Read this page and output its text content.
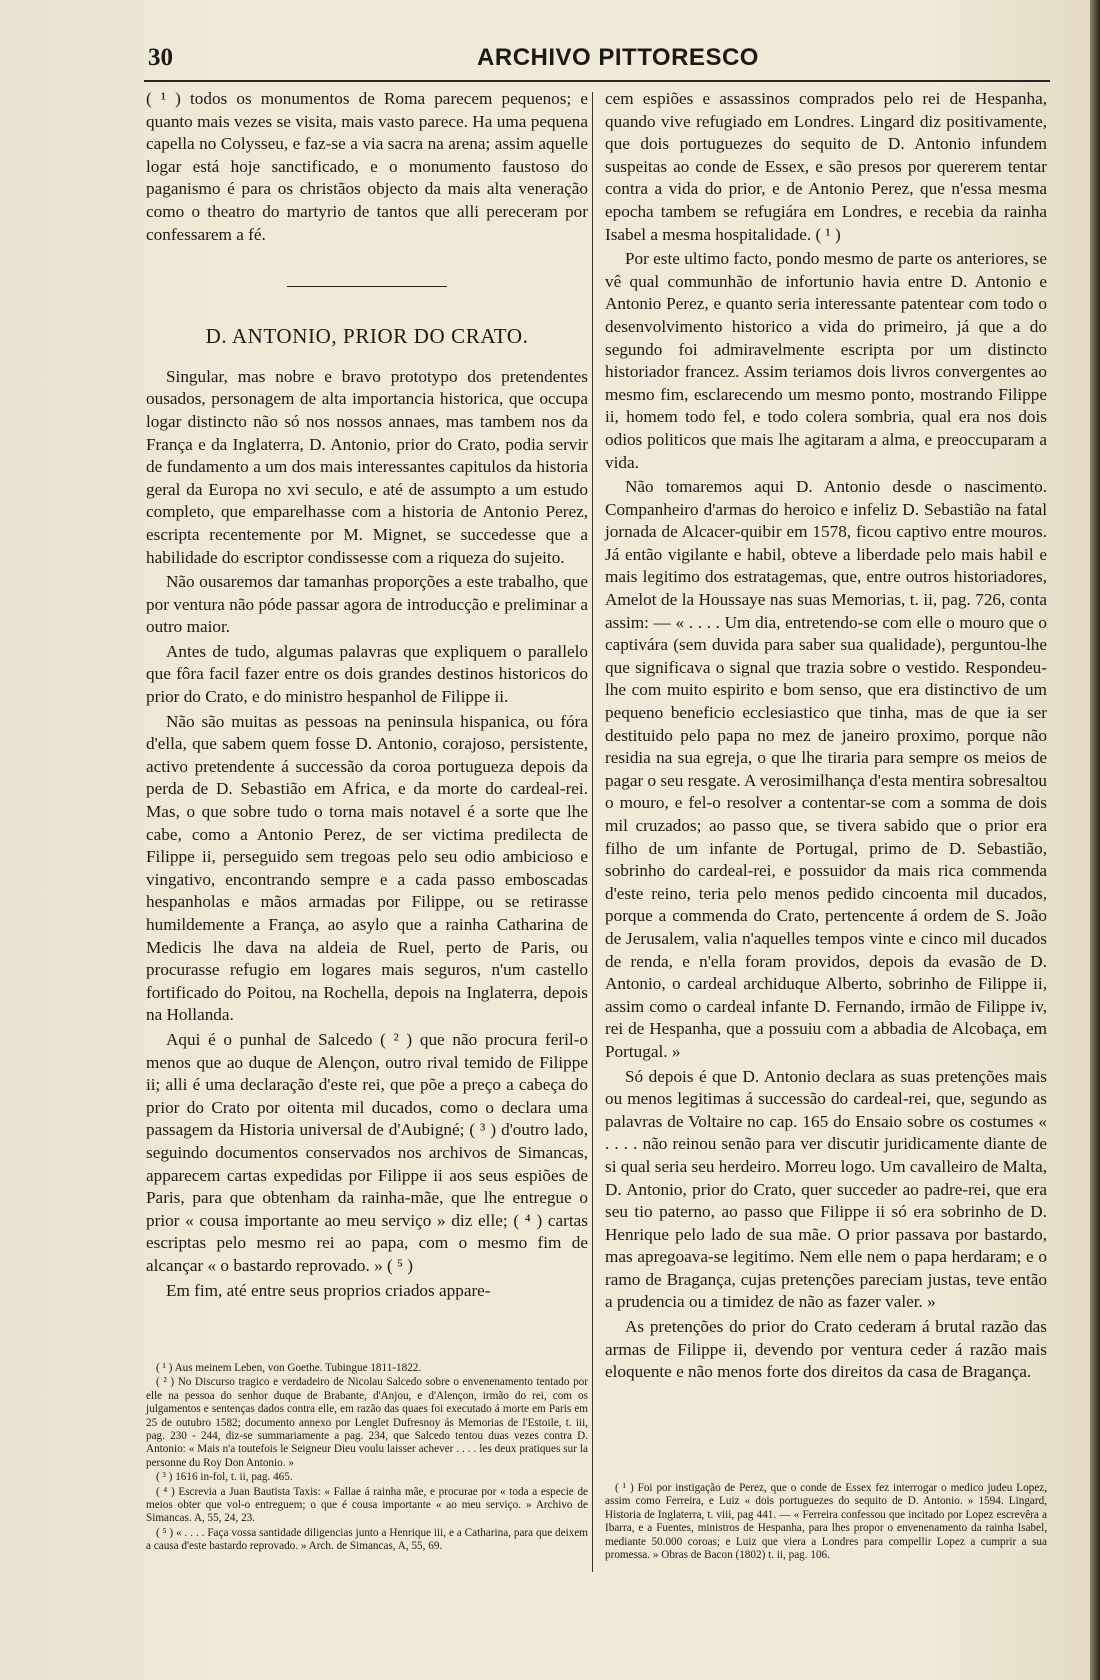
30	ARCHIVO PITTORESCO

( ¹ ) todos os monumentos de Roma parecem pequenos; e quanto mais vezes se visita, mais vasto parece. Ha uma pequena capella no Colysseu, e faz-se a via sacra na arena; assim aquelle logar está hoje sanctificado, e o monumento faustoso do paganismo é para os christãos objecto da mais alta veneração como o theatro do martyrio de tantos que alli pereceram por confessarem a fé.

D. ANTONIO, PRIOR DO CRATO.

Singular, mas nobre e bravo prototypo dos pretendentes ousados, personagem de alta importancia historica, que occupa logar distincto não só nos nossos annaes, mas tambem nos da França e da Inglaterra, D. Antonio, prior do Crato, podia servir de fundamento a um dos mais interessantes capitulos da historia geral da Europa no xvi seculo, e até de assumpto a um estudo completo, que emparelhasse com a historia de Antonio Perez, escripta recentemente por M. Mignet, se succedesse que a habilidade do escriptor condissesse com a riqueza do sujeito.

Não ousaremos dar tamanhas proporções a este trabalho, que por ventura não póde passar agora de introducção e preliminar a outro maior.

Antes de tudo, algumas palavras que expliquem o parallelo que fôra facil fazer entre os dois grandes destinos historicos do prior do Crato, e do ministro hespanhol de Filippe ii.

Não são muitas as pessoas na peninsula hispanica, ou fóra d'ella, que sabem quem fosse D. Antonio, corajoso, persistente, activo pretendente á successão da coroa portugueza depois da perda de D. Sebastião em Africa, e da morte do cardeal-rei. Mas, o que sobre tudo o torna mais notavel é a sorte que lhe cabe, como a Antonio Perez, de ser victima predilecta de Filippe ii, perseguido sem tregoas pelo seu odio ambicioso e vingativo, encontrando sempre e a cada passo emboscadas hespanholas e mãos armadas por Filippe, ou se retirasse humildemente a França, ao asylo que a rainha Catharina de Medicis lhe dava na aldeia de Ruel, perto de Paris, ou procurasse refugio em logares mais seguros, n'um castello fortificado do Poitou, na Rochella, depois na Inglaterra, depois na Hollanda.

Aqui é o punhal de Salcedo ( ² ) que não procura feril-o menos que ao duque de Alençon, outro rival temido de Filippe ii; alli é uma declaração d'este rei, que põe a preço a cabeça do prior do Crato por oitenta mil ducados, como o declara uma passagem da Historia universal de d'Aubigné; ( ³ ) d'outro lado, seguindo documentos conservados nos archivos de Simancas, apparecem cartas expedidas por Filippe ii aos seus espiões de Paris, para que obtenham da rainha-mãe, que lhe entregue o prior « cousa importante ao meu serviço » diz elle; ( ⁴ ) cartas escriptas pelo mesmo rei ao papa, com o mesmo fim de alcançar « o bastardo reprovado. » ( ⁵ )

Em fim, até entre seus proprios criados appare-

cem espiões e assassinos comprados pelo rei de Hespanha, quando vive refugiado em Londres. Lingard diz positivamente, que dois portuguezes do sequito de D. Antonio infundem suspeitas ao conde de Essex, e são presos por quererem tentar contra a vida do prior, e de Antonio Perez, que n'essa mesma epocha tambem se refugiára em Londres, e recebia da rainha Isabel a mesma hospitalidade. ( ¹ )

Por este ultimo facto, pondo mesmo de parte os anteriores, se vê qual communhão de infortunio havia entre D. Antonio e Antonio Perez, e quanto seria interessante patentear com todo o desenvolvimento historico a vida do primeiro, já que a do segundo foi admiravelmente escripta por um distincto historiador francez. Assim teriamos dois livros convergentes ao mesmo fim, esclarecendo um mesmo ponto, mostrando Filippe ii, homem todo fel, e todo colera sombria, qual era nos dois odios politicos que mais lhe agitaram a alma, e preoccuparam a vida.

Não tomaremos aqui D. Antonio desde o nascimento. Companheiro d'armas do heroico e infeliz D. Sebastião na fatal jornada de Alcacer-quibir em 1578, ficou captivo entre mouros. Já então vigilante e habil, obteve a liberdade pelo mais habil e mais legitimo dos estratagemas, que, entre outros historiadores, Amelot de la Houssaye nas suas Memorias, t. ii, pag. 726, conta assim: — « . . . . Um dia, entretendo-se com elle o mouro que o captivára (sem duvida para saber sua qualidade), perguntou-lhe que significava o signal que trazia sobre o vestido. Respondeu-lhe com muito espirito e bom senso, que era distinctivo de um pequeno beneficio ecclesiastico que tinha, mas de que ia ser destituido pelo papa no mez de janeiro proximo, porque não residia na sua egreja, o que lhe tiraria para sempre os meios de pagar o seu resgate. A verosimilhança d'esta mentira sobresaltou o mouro, e fel-o resolver a contentar-se com a somma de dois mil cruzados; ao passo que, se tivera sabido que o prior era filho de um infante de Portugal, primo de D. Sebastião, sobrinho do cardeal-rei, e possuidor da mais rica commenda d'este reino, teria pelo menos pedido cincoenta mil ducados, porque a commenda do Crato, pertencente á ordem de S. João de Jerusalem, valia n'aquelles tempos vinte e cinco mil ducados de renda, e n'ella foram providos, depois da evasão de D. Antonio, o cardeal archiduque Alberto, sobrinho de Filippe ii, assim como o cardeal infante D. Fernando, irmão de Filippe iv, rei de Hespanha, que a possuiu com a abbadia de Alcobaça, em Portugal. »

Só depois é que D. Antonio declara as suas pretenções mais ou menos legitimas á successão do cardeal-rei, que, segundo as palavras de Voltaire no cap. 165 do Ensaio sobre os costumes « . . . . não reinou senão para ver discutir juridicamente diante de si qual seria seu herdeiro. Morreu logo. Um cavalleiro de Malta, D. Antonio, prior do Crato, quer succeder ao padre-rei, que era seu tio paterno, ao passo que Filippe ii só era sobrinho de D. Henrique pelo lado de sua mãe. O prior passava por bastardo, mas apregoava-se legitimo. Nem elle nem o papa herdaram; e o ramo de Bragança, cujas pretenções pareciam justas, teve então a prudencia ou a timidez de não as fazer valer. »

As pretenções do prior do Crato cederam á brutal razão das armas de Filippe ii, devendo por ventura ceder á razão mais eloquente e não menos forte dos direitos da casa de Bragança.

( ¹ ) Aus meinem Leben, von Goethe. Tubingue 1811-1822.

( ² ) No Discurso tragico e verdadeiro de Nicolau Salcedo sobre o envenenamento tentado por elle na pessoa do senhor duque de Brabante, d'Anjou, e d'Alençon, irmão do rei, com os julgamentos e sentenças dados contra elle, em razão das quaes foi executado á morte em Paris em 25 de outubro 1582; documento annexo por Lenglet Dufresnoy ás Memorias de l'Estoile, t. iii, pag. 230 - 244, diz-se summariamente a pag. 234, que Salcedo tentou duas vezes contra D. Antonio: « Mais n'a toutefois le Seigneur Dieu voulu laisser achever . . . . les deux pratiques sur la personne du Roy Don Antonio. »

( ³ ) 1616 in-fol, t. ii, pag. 465.

( ⁴ ) Escrevia a Juan Bautista Taxis: « Fallae á rainha mãe, e procurae por « toda a especie de meios obter que vol-o entreguem; o que é cousa importante « ao meu serviço. » Archivo de Simancas. A, 55, 24, 23.

( ⁵ ) « . . . . Faça vossa santidade diligencias junto a Henrique iii, e a Catharina, para que deixem a causa d'este bastardo reprovado. » Arch. de Simancas, A, 55, 69.

( ¹ ) Foi por instigação de Perez, que o conde de Essex fez interrogar o medico judeu Lopez, assim como Ferreira, e Luiz « dois portuguezes do sequito de D. Antonio. » 1594. Lingard, Historia de Inglaterra, t. viii, pag 441. — « Ferreira confessou que incitado por Lopez escrevêra a Ibarra, e a Fuentes, ministros de Hespanha, para lhes propor o envenenamento da rainha Isabel, mediante 50.000 coroas; e Luiz que viera a Londres para compellir Lopez a cumprir a sua promessa. » Obras de Bacon (1802) t. ii, pag. 106.
